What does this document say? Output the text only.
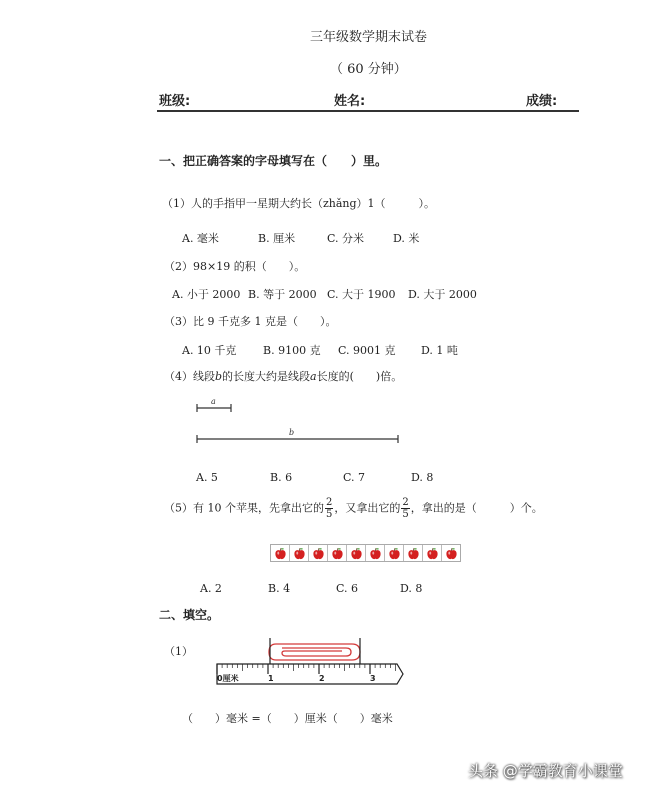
三年级数学期末试卷
（ 60 分钟）
班级:	姓名:	成绩:
一、把正确答案的字母填写在（　　）里。
（1）人的手指甲一星期大约长（zhǎng）1（　　　）。
A. 毫米	B. 厘米	C. 分米	D. 米
（2）98×19 的积（　　）。
A. 小于 2000 B. 等于 2000 C. 大于 1900 D. 大于 2000
（3）比 9 千克多 1 克是（　　）。
A. 10 千克 B. 9100 克 C. 9001 克 D. 1 吨
（4）线段b的长度大约是线段a长度的(　　)倍。
a
b
A. 5	B. 6	C. 7	D. 8
（5）有 10 个苹果，先拿出它的 $\frac{2}{5}$ ，又拿出它的 $\frac{2}{5}$ ，拿出的是（　　　）个。
A. 2	B. 4	C. 6	D. 8
二、填空。
（1）
0厘米	1	2	3
（　　）毫米 =（　　）厘米（　　）毫米
头条 @学霸教育小课堂
